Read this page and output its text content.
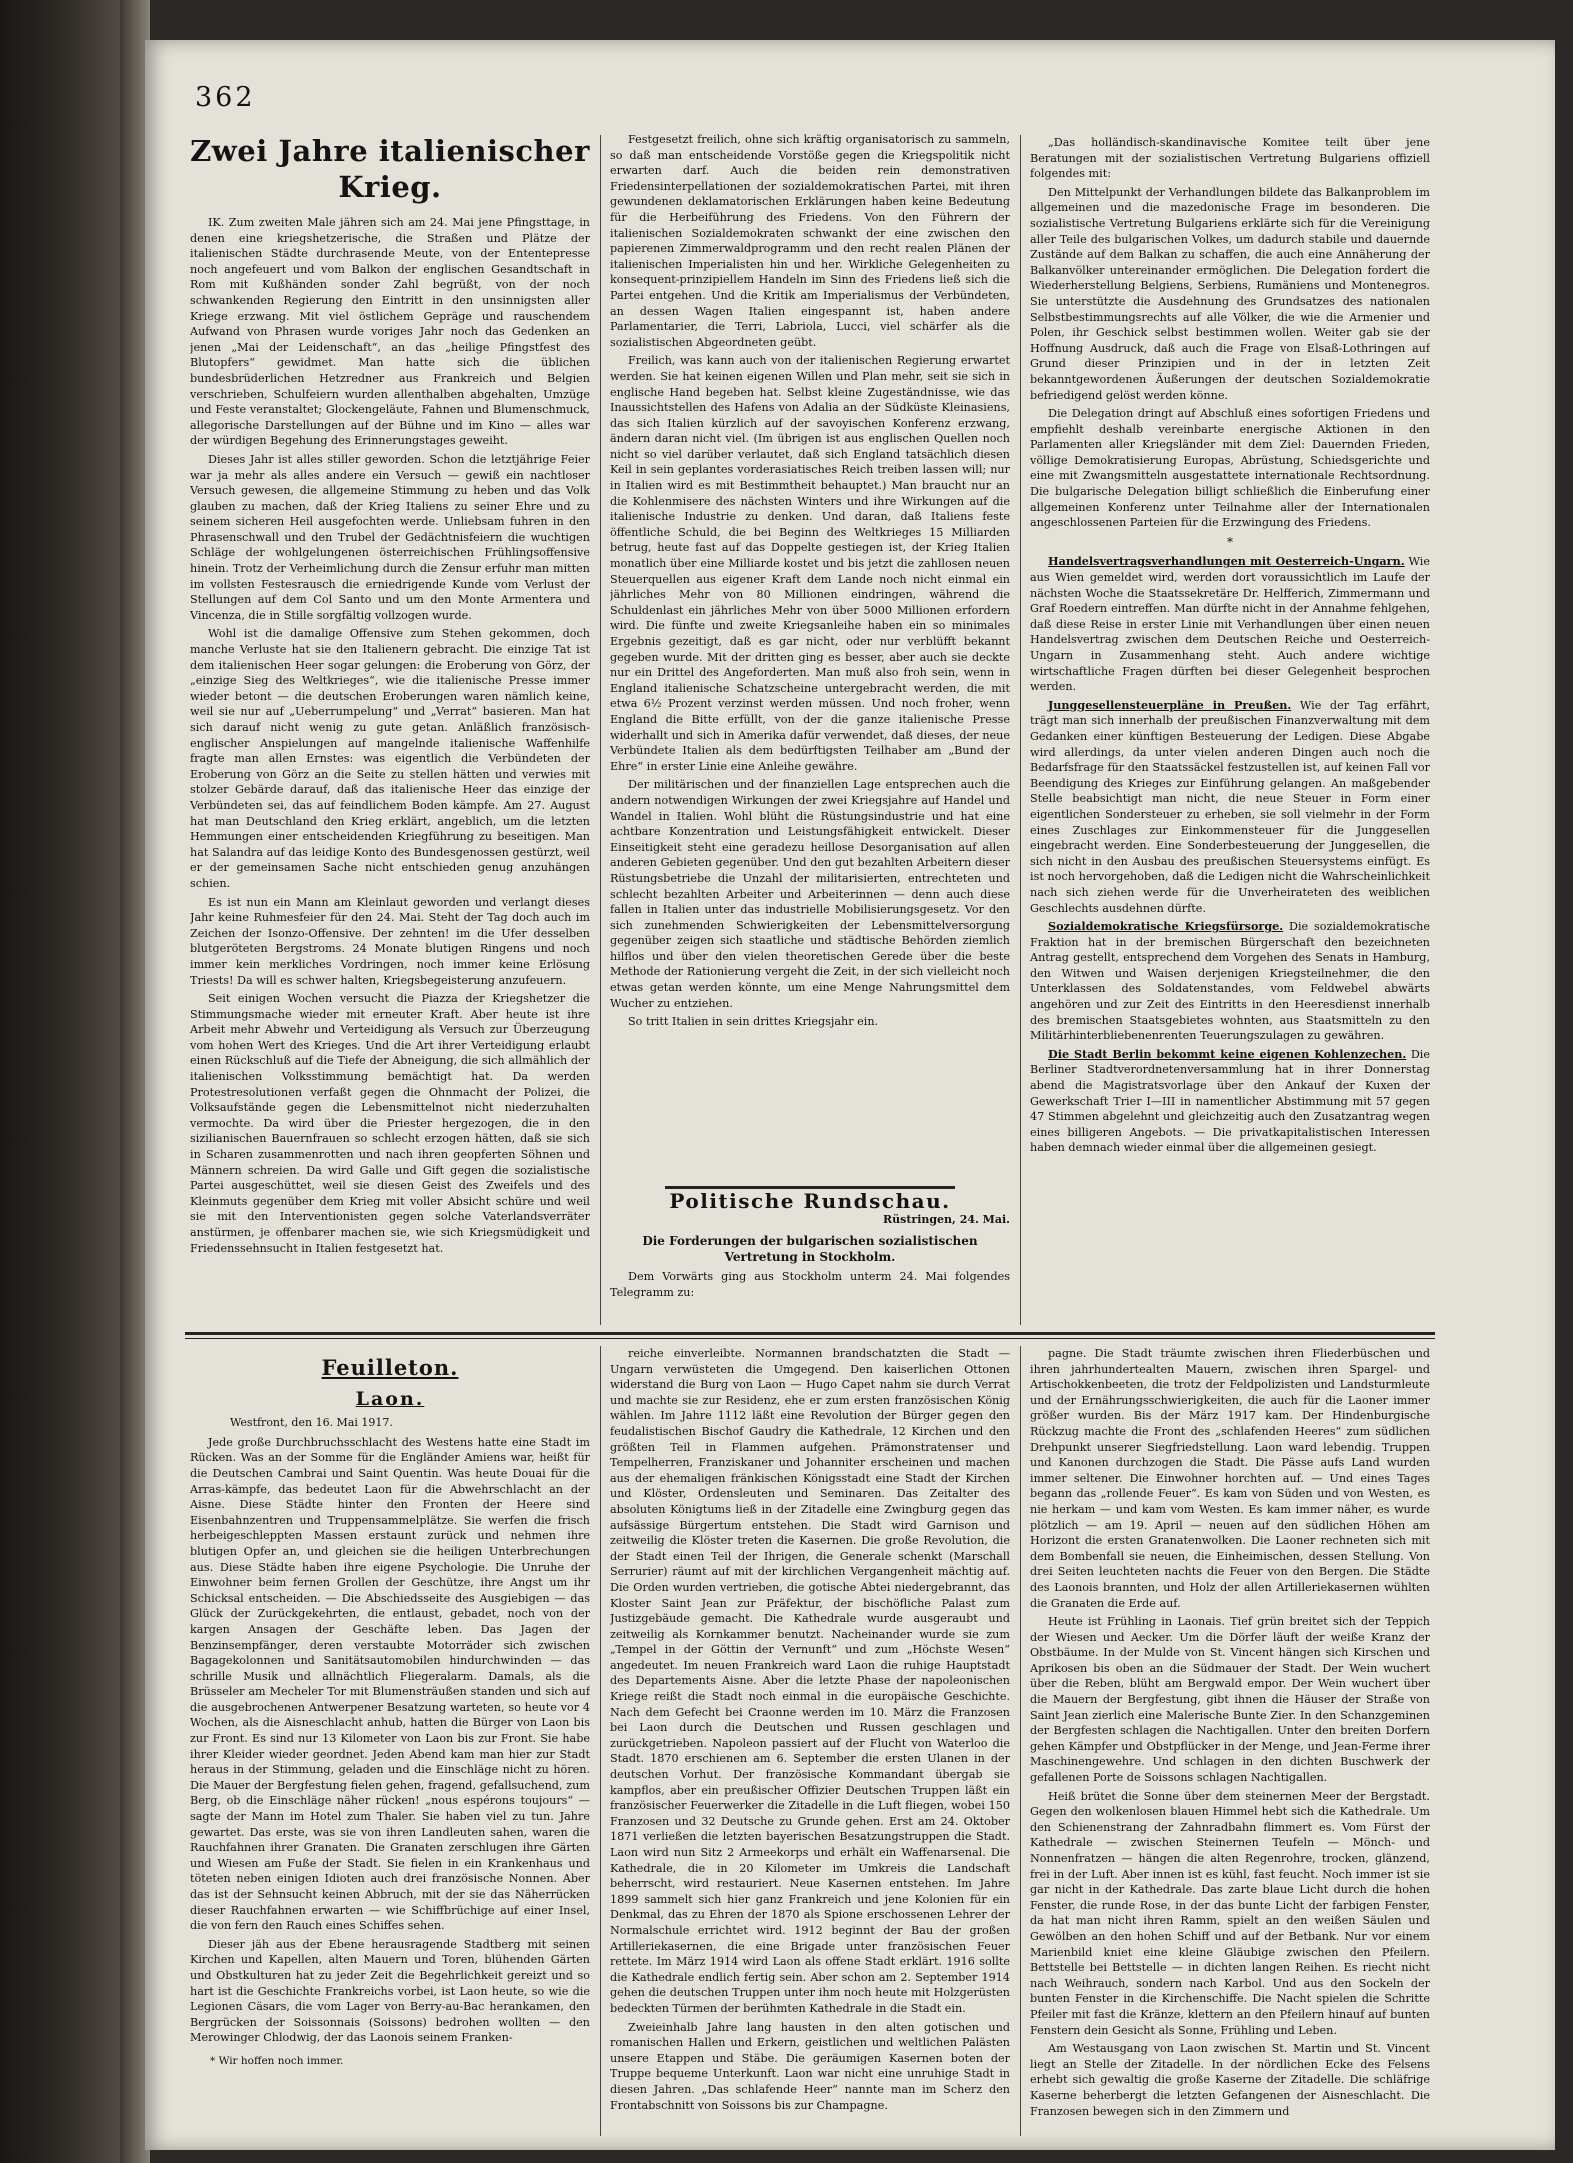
362
Zwei Jahre italienischer Krieg.

IK. Zum zweiten Male jähren sich am 24. Mai jene Pfingsttage, in denen eine kriegshetzerische, die Straßen und Plätze der italienischen Städte durchrasende Meute, von der Ententepresse noch angefeuert und vom Balkon der englischen Gesandtschaft in Rom mit Kußhänden sonder Zahl begrüßt, von der noch schwankenden Regierung den Eintritt in den unsinnigsten aller Kriege erzwang. Mit viel östlichem Gepräge und rauschendem Aufwand von Phrasen wurde voriges Jahr noch das Gedenken an jenen „Mai der Leidenschaft“, an das „heilige Pfingstfest des Blutopfers“ gewidmet. Man hatte sich die üblichen bundesbrüderlichen Hetzredner aus Frankreich und Belgien verschrieben, Schulfeiern wurden allenthalben abgehalten, Umzüge und Feste veranstaltet; Glockengeläute, Fahnen und Blumenschmuck, allegorische Darstellungen auf der Bühne und im Kino — alles war der würdigen Begehung des Erinnerungstages geweiht.

Dieses Jahr ist alles stiller geworden. Schon die letztjährige Feier war ja mehr als alles andere ein Versuch — gewiß ein nachtloser Versuch gewesen, die allgemeine Stimmung zu heben und das Volk glauben zu machen, daß der Krieg Italiens zu seiner Ehre und zu seinem sicheren Heil ausgefochten werde. Unliebsam fuhren in den Phrasenschwall und den Trubel der Gedächtnisfeiern die wuchtigen Schläge der wohlgelungenen österreichischen Frühlingsoffensive hinein. Trotz der Verheimlichung durch die Zensur erfuhr man mitten im vollsten Festesrausch die erniedrigende Kunde vom Verlust der Stellungen auf dem Col Santo und um den Monte Armentera und Vincenza, die in Stille sorgfältig vollzogen wurde.

Wohl ist die damalige Offensive zum Stehen gekommen, doch manche Verluste hat sie den Italienern gebracht. Die einzige Tat ist dem italienischen Heer sogar gelungen: die Eroberung von Görz, der „einzige Sieg des Weltkrieges“, wie die italienische Presse immer wieder betont — die deutschen Eroberungen waren nämlich keine, weil sie nur auf „Ueberrumpelung“ und „Verrat“ basieren. Man hat sich darauf nicht wenig zu gute getan. Anläßlich französisch-englischer Anspielungen auf mangelnde italienische Waffenhilfe fragte man allen Ernstes: was eigentlich die Verbündeten der Eroberung von Görz an die Seite zu stellen hätten und verwies mit stolzer Gebärde darauf, daß das italienische Heer das einzige der Verbündeten sei, das auf feindlichem Boden kämpfe. Am 27. August hat man Deutschland den Krieg erklärt, angeblich, um die letzten Hemmungen einer entscheidenden Kriegführung zu beseitigen. Man hat Salandra auf das leidige Konto des Bundesgenossen gestürzt, weil er der gemeinsamen Sache nicht entschieden genug anzuhängen schien.

Es ist nun ein Mann am Kleinlaut geworden und verlangt dieses Jahr keine Ruhmesfeier für den 24. Mai. Steht der Tag doch auch im Zeichen der Isonzo-Offensive. Der zehnten! im die Ufer desselben blutgeröteten Bergstroms. 24 Monate blutigen Ringens und noch immer kein merkliches Vordringen, noch immer keine Erlösung Triests! Da will es schwer halten, Kriegsbegeisterung anzufeuern.

Seit einigen Wochen versucht die Piazza der Kriegshetzer die Stimmungsmache wieder mit erneuter Kraft. Aber heute ist ihre Arbeit mehr Abwehr und Verteidigung als Versuch zur Überzeugung vom hohen Wert des Krieges. Und die Art ihrer Verteidigung erlaubt einen Rückschluß auf die Tiefe der Abneigung, die sich allmählich der italienischen Volksstimmung bemächtigt hat. Da werden Protestresolutionen verfaßt gegen die Ohnmacht der Polizei, die Volksaufstände gegen die Lebensmittelnot nicht niederzuhalten vermochte. Da wird über die Priester hergezogen, die in den sizilianischen Bauernfrauen so schlecht erzogen hätten, daß sie sich in Scharen zusammenrotten und nach ihren geopferten Söhnen und Männern schreien. Da wird Galle und Gift gegen die sozialistische Partei ausgeschüttet, weil sie diesen Geist des Zweifels und des Kleinmuts gegenüber dem Krieg mit voller Absicht schüre und weil sie mit den Interventionisten gegen solche Vaterlandsverräter anstürmen, je offenbarer machen sie, wie sich Kriegsmüdigkeit und Friedenssehnsucht in Italien festgesetzt hat.

Festgesetzt freilich, ohne sich kräftig organisatorisch zu sammeln, so daß man entscheidende Vorstöße gegen die Kriegspolitik nicht erwarten darf. Auch die beiden rein demonstrativen Friedensinterpellationen der sozialdemokratischen Partei, mit ihren gewundenen deklamatorischen Erklärungen haben keine Bedeutung für die Herbeiführung des Friedens. Von den Führern der italienischen Sozialdemokraten schwankt der eine zwischen den papierenen Zimmerwaldprogramm und den recht realen Plänen der italienischen Imperialisten hin und her. Wirkliche Gelegenheiten zu konsequent-prinzipiellem Handeln im Sinn des Friedens ließ sich die Partei entgehen. Und die Kritik am Imperialismus der Verbündeten, an dessen Wagen Italien eingespannt ist, haben andere Parlamentarier, die Terri, Labriola, Lucci, viel schärfer als die sozialistischen Abgeordneten geübt.

Freilich, was kann auch von der italienischen Regierung erwartet werden. Sie hat keinen eigenen Willen und Plan mehr, seit sie sich in englische Hand begeben hat. Selbst kleine Zugeständnisse, wie das Inaussichtstellen des Hafens von Adalia an der Südküste Kleinasiens, das sich Italien kürzlich auf der savoyischen Konferenz erzwang, ändern daran nicht viel. (Im übrigen ist aus englischen Quellen noch nicht so viel darüber verlautet, daß sich England tatsächlich diesen Keil in sein geplantes vorderasiatisches Reich treiben lassen will; nur in Italien wird es mit Bestimmtheit behauptet.) Man braucht nur an die Kohlenmisere des nächsten Winters und ihre Wirkungen auf die italienische Industrie zu denken. Und daran, daß Italiens feste öffentliche Schuld, die bei Beginn des Weltkrieges 15 Milliarden betrug, heute fast auf das Doppelte gestiegen ist, der Krieg Italien monatlich über eine Milliarde kostet und bis jetzt die zahllosen neuen Steuerquellen aus eigener Kraft dem Lande noch nicht einmal ein jährliches Mehr von 80 Millionen eindringen, während die Schuldenlast ein jährliches Mehr von über 5000 Millionen erfordern wird. Die fünfte und zweite Kriegsanleihe haben ein so minimales Ergebnis gezeitigt, daß es gar nicht, oder nur verblüfft bekannt gegeben wurde. Mit der dritten ging es besser, aber auch sie deckte nur ein Drittel des Angeforderten. Man muß also froh sein, wenn in England italienische Schatzscheine untergebracht werden, die mit etwa 6½ Prozent verzinst werden müssen. Und noch froher, wenn England die Bitte erfüllt, von der die ganze italienische Presse widerhallt und sich in Amerika dafür verwendet, daß dieses, der neue Verbündete Italien als dem bedürftigsten Teilhaber am „Bund der Ehre“ in erster Linie eine Anleihe gewähre.

Der militärischen und der finanziellen Lage entsprechen auch die andern notwendigen Wirkungen der zwei Kriegsjahre auf Handel und Wandel in Italien. Wohl blüht die Rüstungsindustrie und hat eine achtbare Konzentration und Leistungsfähigkeit entwickelt. Dieser Einseitigkeit steht eine geradezu heillose Desorganisation auf allen anderen Gebieten gegenüber. Und den gut bezahlten Arbeitern dieser Rüstungsbetriebe die Unzahl der militarisierten, entrechteten und schlecht bezahlten Arbeiter und Arbeiterinnen — denn auch diese fallen in Italien unter das industrielle Mobilisierungsgesetz. Vor den sich zunehmenden Schwierigkeiten der Lebensmittelversorgung gegenüber zeigen sich staatliche und städtische Behörden ziemlich hilflos und über den vielen theoretischen Gerede über die beste Methode der Rationierung vergeht die Zeit, in der sich vielleicht noch etwas getan werden könnte, um eine Menge Nahrungsmittel dem Wucher zu entziehen.

So tritt Italien in sein drittes Kriegsjahr ein.

Politische Rundschau.
Rüstringen, 24. Mai.
Die Forderungen der bulgarischen sozialistischen Vertretung in Stockholm.

Dem Vorwärts ging aus Stockholm unterm 24. Mai folgendes Telegramm zu:

„Das holländisch-skandinavische Komitee teilt über jene Beratungen mit der sozialistischen Vertretung Bulgariens offiziell folgendes mit:

Den Mittelpunkt der Verhandlungen bildete das Balkanproblem im allgemeinen und die mazedonische Frage im besonderen. Die sozialistische Vertretung Bulgariens erklärte sich für die Vereinigung aller Teile des bulgarischen Volkes, um dadurch stabile und dauernde Zustände auf dem Balkan zu schaffen, die auch eine Annäherung der Balkanvölker untereinander ermöglichen. Die Delegation fordert die Wiederherstellung Belgiens, Serbiens, Rumäniens und Montenegros. Sie unterstützte die Ausdehnung des Grundsatzes des nationalen Selbstbestimmungsrechts auf alle Völker, die wie die Armenier und Polen, ihr Geschick selbst bestimmen wollen. Weiter gab sie der Hoffnung Ausdruck, daß auch die Frage von Elsaß-Lothringen auf Grund dieser Prinzipien und in der in letzten Zeit bekanntgewordenen Äußerungen der deutschen Sozialdemokratie befriedigend gelöst werden könne.

Die Delegation dringt auf Abschluß eines sofortigen Friedens und empfiehlt deshalb vereinbarte energische Aktionen in den Parlamenten aller Kriegsländer mit dem Ziel: Dauernden Frieden, völlige Demokratisierung Europas, Abrüstung, Schiedsgerichte und eine mit Zwangsmitteln ausgestattete internationale Rechtsordnung. Die bulgarische Delegation billigt schließlich die Einberufung einer allgemeinen Konferenz unter Teilnahme aller der Internationalen angeschlossenen Parteien für die Erzwingung des Friedens.

*

Handelsvertragsverhandlungen mit Oesterreich-Ungarn. Wie aus Wien gemeldet wird, werden dort voraussichtlich im Laufe der nächsten Woche die Staatssekretäre Dr. Helfferich, Zimmermann und Graf Roedern eintreffen. Man dürfte nicht in der Annahme fehlgehen, daß diese Reise in erster Linie mit Verhandlungen über einen neuen Handelsvertrag zwischen dem Deutschen Reiche und Oesterreich-Ungarn in Zusammenhang steht. Auch andere wichtige wirtschaftliche Fragen dürften bei dieser Gelegenheit besprochen werden.

Junggesellensteuerpläne in Preußen. Wie der Tag erfährt, trägt man sich innerhalb der preußischen Finanzverwaltung mit dem Gedanken einer künftigen Besteuerung der Ledigen. Diese Abgabe wird allerdings, da unter vielen anderen Dingen auch noch die Bedarfsfrage für den Staatssäckel festzustellen ist, auf keinen Fall vor Beendigung des Krieges zur Einführung gelangen. An maßgebender Stelle beabsichtigt man nicht, die neue Steuer in Form einer eigentlichen Sondersteuer zu erheben, sie soll vielmehr in der Form eines Zuschlages zur Einkommensteuer für die Junggesellen eingebracht werden. Eine Sonderbesteuerung der Junggesellen, die sich nicht in den Ausbau des preußischen Steuersystems einfügt. Es ist noch hervorgehoben, daß die Ledigen nicht die Wahrscheinlichkeit nach sich ziehen werde für die Unverheirateten des weiblichen Geschlechts ausdehnen dürfte.

Sozialdemokratische Kriegsfürsorge. Die sozialdemokratische Fraktion hat in der bremischen Bürgerschaft den bezeichneten Antrag gestellt, entsprechend dem Vorgehen des Senats in Hamburg, den Witwen und Waisen derjenigen Kriegsteilnehmer, die den Unterklassen des Soldatenstandes, vom Feldwebel abwärts angehören und zur Zeit des Eintritts in den Heeresdienst innerhalb des bremischen Staatsgebietes wohnten, aus Staatsmitteln zu den Militärhinterbliebenenrenten Teuerungszulagen zu gewähren.

Die Stadt Berlin bekommt keine eigenen Kohlenzechen. Die Berliner Stadtverordnetenversammlung hat in ihrer Donnerstag abend die Magistratsvorlage über den Ankauf der Kuxen der Gewerkschaft Trier I—III in namentlicher Abstimmung mit 57 gegen 47 Stimmen abgelehnt und gleichzeitig auch den Zusatzantrag wegen eines billigeren Angebots. — Die privatkapitalistischen Interessen haben demnach wieder einmal über die allgemeinen gesiegt.

Feuilleton.
Laon.
Westfront, den 16. Mai 1917.

Jede große Durchbruchsschlacht des Westens hatte eine Stadt im Rücken. Was an der Somme für die Engländer Amiens war, heißt für die Deutschen Cambrai und Saint Quentin. Was heute Douai für die Arras-kämpfe, das bedeutet Laon für die Abwehrschlacht an der Aisne. Diese Städte hinter den Fronten der Heere sind Eisenbahnzentren und Truppensammelplätze. Sie werfen die frisch herbeigeschleppten Massen erstaunt zurück und nehmen ihre blutigen Opfer an, und gleichen sie die heiligen Unterbrechungen aus. Diese Städte haben ihre eigene Psychologie. Die Unruhe der Einwohner beim fernen Grollen der Geschütze, ihre Angst um ihr Schicksal entscheiden. — Die Abschiedsseite des Ausgiebigen — das Glück der Zurückgekehrten, die entlaust, gebadet, noch von der kargen Ansagen der Geschäfte leben. Das Jagen der Benzinsempfänger, deren verstaubte Motorräder sich zwischen Bagagekolonnen und Sanitätsautomobilen hindurchwinden — das schrille Musik und allnächtlich Fliegeralarm. Damals, als die Brüsseler am Mecheler Tor mit Blumensträußen standen und sich auf die ausgebrochenen Antwerpener Besatzung warteten, so heute vor 4 Wochen, als die Aisneschlacht anhub, hatten die Bürger von Laon bis zur Front. Es sind nur 13 Kilometer von Laon bis zur Front. Sie habe ihrer Kleider wieder geordnet. Jeden Abend kam man hier zur Stadt heraus in der Stimmung, geladen und die Einschläge nicht zu hören. Die Mauer der Bergfestung fielen gehen, fragend, gefallsuchend, zum Berg, ob die Einschläge näher rücken! „nous espérons toujours“ — sagte der Mann im Hotel zum Thaler. Sie haben viel zu tun. Jahre gewartet. Das erste, was sie von ihren Landleuten sahen, waren die Rauchfahnen ihrer Granaten. Die Granaten zerschlugen ihre Gärten und Wiesen am Fuße der Stadt. Sie fielen in ein Krankenhaus und töteten neben einigen Idioten auch drei französische Nonnen. Aber das ist der Sehnsucht keinen Abbruch, mit der sie das Näherrücken dieser Rauchfahnen erwarten — wie Schiffbrüchige auf einer Insel, die von fern den Rauch eines Schiffes sehen.

Dieser jäh aus der Ebene herausragende Stadtberg mit seinen Kirchen und Kapellen, alten Mauern und Toren, blühenden Gärten und Obstkulturen hat zu jeder Zeit die Begehrlichkeit gereizt und so hart ist die Geschichte Frankreichs vorbei, ist Laon heute, so wie die Legionen Cäsars, die vom Lager von Berry-au-Bac herankamen, den Bergrücken der Soissonnais (Soissons) bedrohen wollten — den Merowinger Chlodwig, der das Laonois seinem Franken-

* Wir hoffen noch immer.

reiche einverleibte. Normannen brandschatzten die Stadt — Ungarn verwüsteten die Umgegend. Den kaiserlichen Ottonen widerstand die Burg von Laon — Hugo Capet nahm sie durch Verrat und machte sie zur Residenz, ehe er zum ersten französischen König wählen. Im Jahre 1112 läßt eine Revolution der Bürger gegen den feudalistischen Bischof Gaudry die Kathedrale, 12 Kirchen und den größten Teil in Flammen aufgehen. Prämonstratenser und Tempelherren, Franziskaner und Johanniter erscheinen und machen aus der ehemaligen fränkischen Königsstadt eine Stadt der Kirchen und Klöster, Ordensleuten und Seminaren. Das Zeitalter des absoluten Königtums ließ in der Zitadelle eine Zwingburg gegen das aufsässige Bürgertum entstehen. Die Stadt wird Garnison und zeitweilig die Klöster treten die Kasernen. Die große Revolution, die der Stadt einen Teil der Ihrigen, die Generale schenkt (Marschall Serrurier) räumt auf mit der kirchlichen Vergangenheit mächtig auf. Die Orden wurden vertrieben, die gotische Abtei niedergebrannt, das Kloster Saint Jean zur Präfektur, der bischöfliche Palast zum Justizgebäude gemacht. Die Kathedrale wurde ausgeraubt und zeitweilig als Kornkammer benutzt. Nacheinander wurde sie zum „Tempel in der Göttin der Vernunft“ und zum „Höchste Wesen“ angedeutet. Im neuen Frankreich ward Laon die ruhige Hauptstadt des Departements Aisne. Aber die letzte Phase der napoleonischen Kriege reißt die Stadt noch einmal in die europäische Geschichte. Nach dem Gefecht bei Craonne werden im 10. März die Franzosen bei Laon durch die Deutschen und Russen geschlagen und zurückgetrieben. Napoleon passiert auf der Flucht von Waterloo die Stadt. 1870 erschienen am 6. September die ersten Ulanen in der deutschen Vorhut. Der französische Kommandant übergab sie kampflos, aber ein preußischer Offizier Deutschen Truppen läßt ein französischer Feuerwerker die Zitadelle in die Luft fliegen, wobei 150 Franzosen und 32 Deutsche zu Grunde gehen. Erst am 24. Oktober 1871 verließen die letzten bayerischen Besatzungstruppen die Stadt. Laon wird nun Sitz 2 Armeekorps und erhält ein Waffenarsenal. Die Kathedrale, die in 20 Kilometer im Umkreis die Landschaft beherrscht, wird restauriert. Neue Kasernen entstehen. Im Jahre 1899 sammelt sich hier ganz Frankreich und jene Kolonien für ein Denkmal, das zu Ehren der 1870 als Spione erschossenen Lehrer der Normalschule errichtet wird. 1912 beginnt der Bau der großen Artilleriekasernen, die eine Brigade unter französischen Feuer rettete. Im März 1914 wird Laon als offene Stadt erklärt. 1916 sollte die Kathedrale endlich fertig sein. Aber schon am 2. September 1914 gehen die deutschen Truppen unter ihm noch heute mit Holzgerüsten bedeckten Türmen der berühmten Kathedrale in die Stadt ein.

Zweieinhalb Jahre lang hausten in den alten gotischen und romanischen Hallen und Erkern, geistlichen und weltlichen Palästen unsere Etappen und Stäbe. Die geräumigen Kasernen boten der Truppe bequeme Unterkunft. Laon war nicht eine unruhige Stadt in diesen Jahren. „Das schlafende Heer“ nannte man im Scherz den Frontabschnitt von Soissons bis zur Champagne.

pagne. Die Stadt träumte zwischen ihren Fliederbüschen und ihren jahrhundertealten Mauern, zwischen ihren Spargel- und Artischokkenbeeten, die trotz der Feldpolizisten und Landsturmleute und der Ernährungsschwierigkeiten, die auch für die Laoner immer größer wurden. Bis der März 1917 kam. Der Hindenburgische Rückzug machte die Front des „schlafenden Heeres“ zum südlichen Drehpunkt unserer Siegfriedstellung. Laon ward lebendig. Truppen und Kanonen durchzogen die Stadt. Die Pässe aufs Land wurden immer seltener. Die Einwohner horchten auf. — Und eines Tages begann das „rollende Feuer“. Es kam von Süden und von Westen, es nie herkam — und kam vom Westen. Es kam immer näher, es wurde plötzlich — am 19. April — neuen auf den südlichen Höhen am Horizont die ersten Granatenwolken. Die Laoner rechneten sich mit dem Bombenfall sie neuen, die Einheimischen, dessen Stellung. Von drei Seiten leuchteten nachts die Feuer von den Bergen. Die Städte des Laonois brannten, und Holz der allen Artilleriekasernen wühlten die Granaten die Erde auf.

Heute ist Frühling in Laonais. Tief grün breitet sich der Teppich der Wiesen und Aecker. Um die Dörfer läuft der weiße Kranz der Obstbäume. In der Mulde von St. Vincent hängen sich Kirschen und Aprikosen bis oben an die Südmauer der Stadt. Der Wein wuchert über die Reben, blüht am Bergwald empor. Der Wein wuchert über die Mauern der Bergfestung, gibt ihnen die Häuser der Straße von Saint Jean zierlich eine Malerische Bunte Zier. In den Schanzgeminen der Bergfesten schlagen die Nachtigallen. Unter den breiten Dorfern gehen Kämpfer und Obstpflücker in der Menge, und Jean-Ferme ihrer Maschinengewehre. Und schlagen in den dichten Buschwerk der gefallenen Porte de Soissons schlagen Nachtigallen.

Heiß brütet die Sonne über dem steinernen Meer der Bergstadt. Gegen den wolkenlosen blauen Himmel hebt sich die Kathedrale. Um den Schienenstrang der Zahnradbahn flimmert es. Vom Fürst der Kathedrale — zwischen Steinernen Teufeln — Mönch- und Nonnenfratzen — hängen die alten Regenrohre, trocken, glänzend, frei in der Luft. Aber innen ist es kühl, fast feucht. Noch immer ist sie gar nicht in der Kathedrale. Das zarte blaue Licht durch die hohen Fenster, die runde Rose, in der das bunte Licht der farbigen Fenster, da hat man nicht ihren Ramm, spielt an den weißen Säulen und Gewölben an den hohen Schiff und auf der Betbank. Nur vor einem Marienbild kniet eine kleine Gläubige zwischen den Pfeilern. Bettstelle bei Bettstelle — in dichten langen Reihen. Es riecht nicht nach Weihrauch, sondern nach Karbol. Und aus den Sockeln der bunten Fenster in die Kirchenschiffe. Die Nacht spielen die Schritte Pfeiler mit fast die Kränze, klettern an den Pfeilern hinauf auf bunten Fenstern dein Gesicht als Sonne, Frühling und Leben.

Am Westausgang von Laon zwischen St. Martin und St. Vincent liegt an Stelle der Zitadelle. In der nördlichen Ecke des Felsens erhebt sich gewaltig die große Kaserne der Zitadelle. Die schläfrige Kaserne beherbergt die letzten Gefangenen der Aisneschlacht. Die Franzosen bewegen sich in den Zimmern und
